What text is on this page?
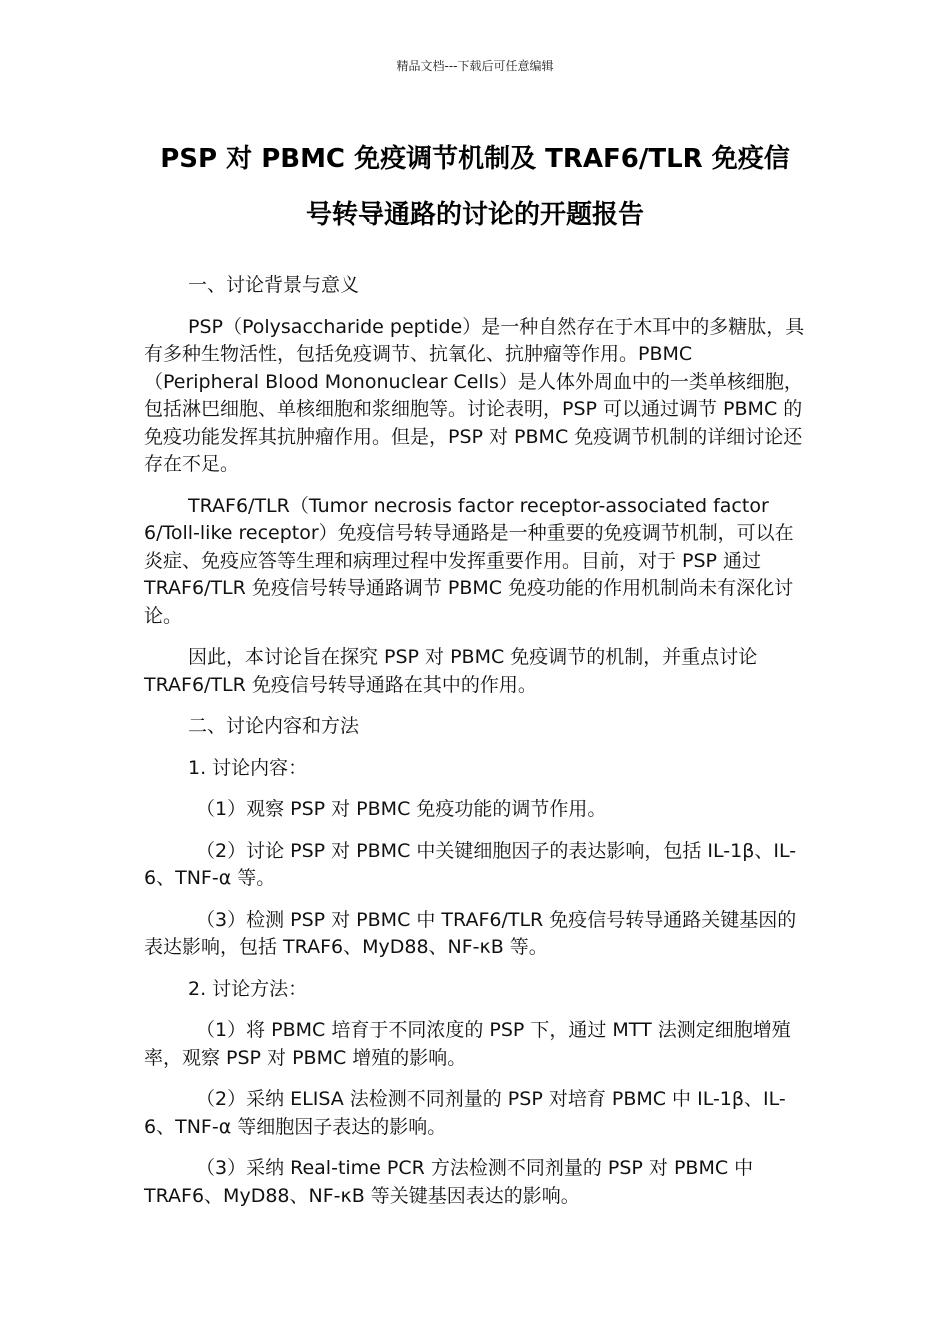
精品文档---下载后可任意编辑
PSP 对 PBMC 免疫调节机制及 TRAF6/TLR 免疫信
号转导通路的讨论的开题报告

一、讨论背景与意义

PSP（Polysaccharide peptide）是一种自然存在于木耳中的多糖肽，具有多种生物活性，包括免疫调节、抗氧化、抗肿瘤等作用。PBMC（Peripheral Blood Mononuclear Cells）是人体外周血中的一类单核细胞，包括淋巴细胞、单核细胞和浆细胞等。讨论表明，PSP 可以通过调节 PBMC 的免疫功能发挥其抗肿瘤作用。但是，PSP 对 PBMC 免疫调节机制的详细讨论还存在不足。

TRAF6/TLR（Tumor necrosis factor receptor-associated factor 6/Toll-like receptor）免疫信号转导通路是一种重要的免疫调节机制，可以在炎症、免疫应答等生理和病理过程中发挥重要作用。目前，对于 PSP 通过 TRAF6/TLR 免疫信号转导通路调节 PBMC 免疫功能的作用机制尚未有深化讨论。

因此，本讨论旨在探究 PSP 对 PBMC 免疫调节的机制，并重点讨论 TRAF6/TLR 免疫信号转导通路在其中的作用。

二、讨论内容和方法

1. 讨论内容：

（1）观察 PSP 对 PBMC 免疫功能的调节作用。

（2）讨论 PSP 对 PBMC 中关键细胞因子的表达影响，包括 IL-1β、IL-6、TNF-α 等。

（3）检测 PSP 对 PBMC 中 TRAF6/TLR 免疫信号转导通路关键基因的表达影响，包括 TRAF6、MyD88、NF-κB 等。

2. 讨论方法：

（1）将 PBMC 培育于不同浓度的 PSP 下，通过 MTT 法测定细胞增殖率，观察 PSP 对 PBMC 增殖的影响。

（2）采纳 ELISA 法检测不同剂量的 PSP 对培育 PBMC 中 IL-1β、IL-6、TNF-α 等细胞因子表达的影响。

（3）采纳 Real-time PCR 方法检测不同剂量的 PSP 对 PBMC 中 TRAF6、MyD88、NF-κB 等关键基因表达的影响。
